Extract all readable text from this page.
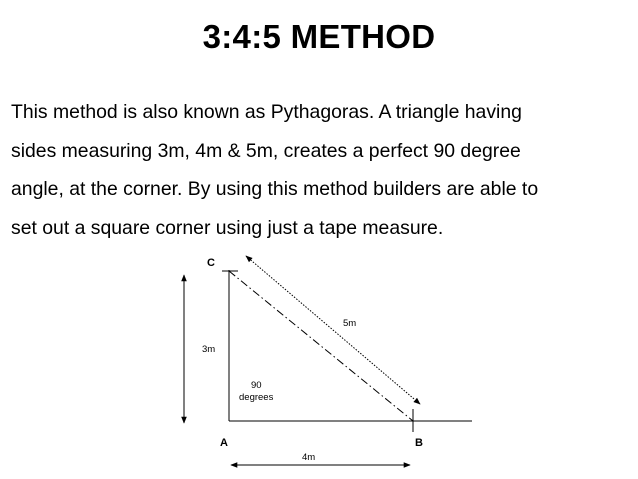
3:4:5 METHOD
This method is also known as Pythagoras. A triangle having
sides measuring 3m, 4m & 5m, creates a perfect 90 degree
angle, at the corner. By using this method builders are able to
set out a square corner using just a tape measure.
C
A	B
3m
4m
5m
90
degrees
